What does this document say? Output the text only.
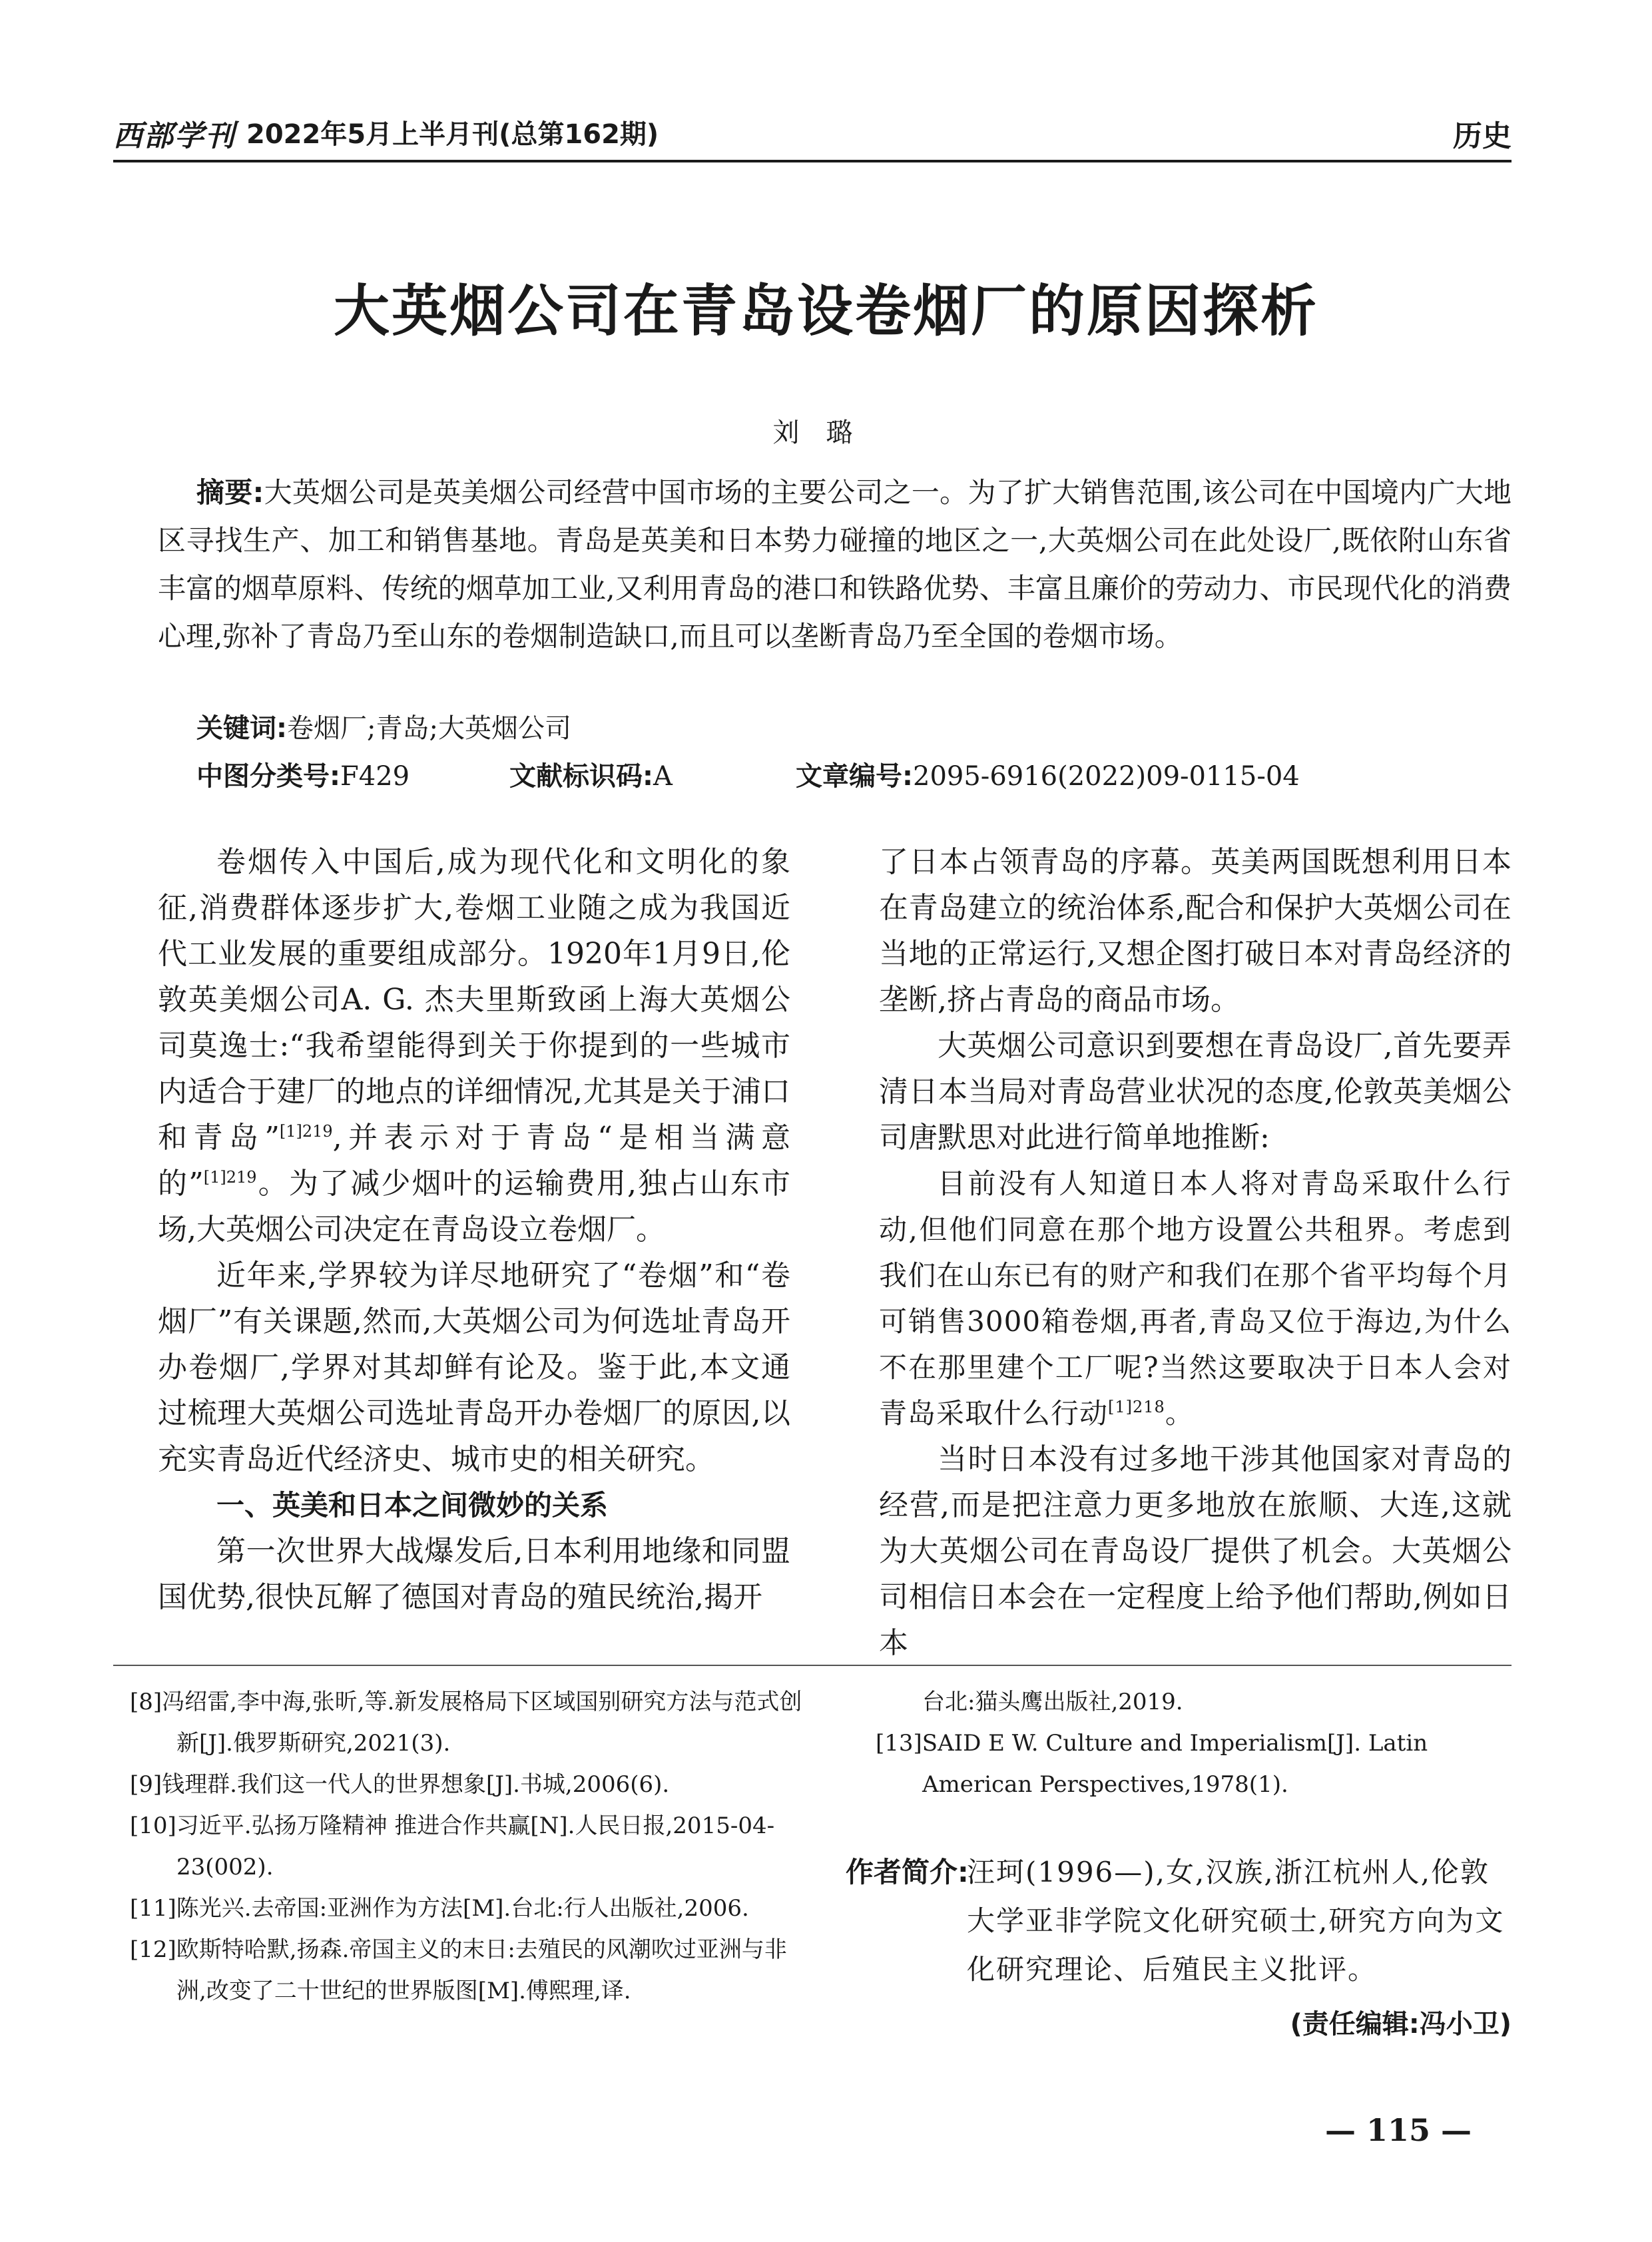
西部学刊 2022年5月上半月刊(总第162期)	历史
大英烟公司在青岛设卷烟厂的原因探析
刘璐
摘要:大英烟公司是英美烟公司经营中国市场的主要公司之一。为了扩大销售范围,该公司在中国境内广大地区寻找生产、加工和销售基地。青岛是英美和日本势力碰撞的地区之一,大英烟公司在此处设厂,既依附山东省丰富的烟草原料、传统的烟草加工业,又利用青岛的港口和铁路优势、丰富且廉价的劳动力、市民现代化的消费心理,弥补了青岛乃至山东的卷烟制造缺口,而且可以垄断青岛乃至全国的卷烟市场。
关键词:卷烟厂;青岛;大英烟公司
中图分类号:F429	文献标识码:A	文章编号:2095-6916(2022)09-0115-04

卷烟传入中国后,成为现代化和文明化的象征,消费群体逐步扩大,卷烟工业随之成为我国近代工业发展的重要组成部分。1920年1月9日,伦敦英美烟公司A. G. 杰夫里斯致函上海大英烟公司莫逸士:“我希望能得到关于你提到的一些城市内适合于建厂的地点的详细情况,尤其是关于浦口和青岛”$^{[1]219}$,并表示对于青岛“是相当满意的”$^{[1]219}$。为了减少烟叶的运输费用,独占山东市场,大英烟公司决定在青岛设立卷烟厂。

近年来,学界较为详尽地研究了“卷烟”和“卷烟厂”有关课题,然而,大英烟公司为何选址青岛开办卷烟厂,学界对其却鲜有论及。鉴于此,本文通过梳理大英烟公司选址青岛开办卷烟厂的原因,以充实青岛近代经济史、城市史的相关研究。

一、英美和日本之间微妙的关系

第一次世界大战爆发后,日本利用地缘和同盟国优势,很快瓦解了德国对青岛的殖民统治,揭开

了日本占领青岛的序幕。英美两国既想利用日本在青岛建立的统治体系,配合和保护大英烟公司在当地的正常运行,又想企图打破日本对青岛经济的垄断,挤占青岛的商品市场。

大英烟公司意识到要想在青岛设厂,首先要弄清日本当局对青岛营业状况的态度,伦敦英美烟公司唐默思对此进行简单地推断:

目前没有人知道日本人将对青岛采取什么行动,但他们同意在那个地方设置公共租界。考虑到我们在山东已有的财产和我们在那个省平均每个月可销售3000箱卷烟,再者,青岛又位于海边,为什么不在那里建个工厂呢?当然这要取决于日本人会对青岛采取什么行动$^{[1]218}$。

当时日本没有过多地干涉其他国家对青岛的经营,而是把注意力更多地放在旅顺、大连,这就为大英烟公司在青岛设厂提供了机会。大英烟公司相信日本会在一定程度上给予他们帮助,例如日本

[8]冯绍雷,李中海,张昕,等.新发展格局下区域国别研究方法与范式创新[J].俄罗斯研究,2021(3).
[9]钱理群.我们这一代人的世界想象[J].书城,2006(6).
[10]习近平.弘扬万隆精神 推进合作共赢[N].人民日报,2015-04-23(002).
[11]陈光兴.去帝国:亚洲作为方法[M].台北:行人出版社,2006.
[12]欧斯特哈默,扬森.帝国主义的末日:去殖民的风潮吹过亚洲与非洲,改变了二十世纪的世界版图[M].傅熙理,译.
台北:猫头鹰出版社,2019.
[13]SAID E W. Culture and Imperialism[J]. Latin American Perspectives,1978(1).
作者简介:
汪珂(1996—),女,汉族,浙江杭州人,伦敦大学亚非学院文化研究硕士,研究方向为文化研究理论、后殖民主义批评。
(责任编辑:冯小卫)
— 115 —
